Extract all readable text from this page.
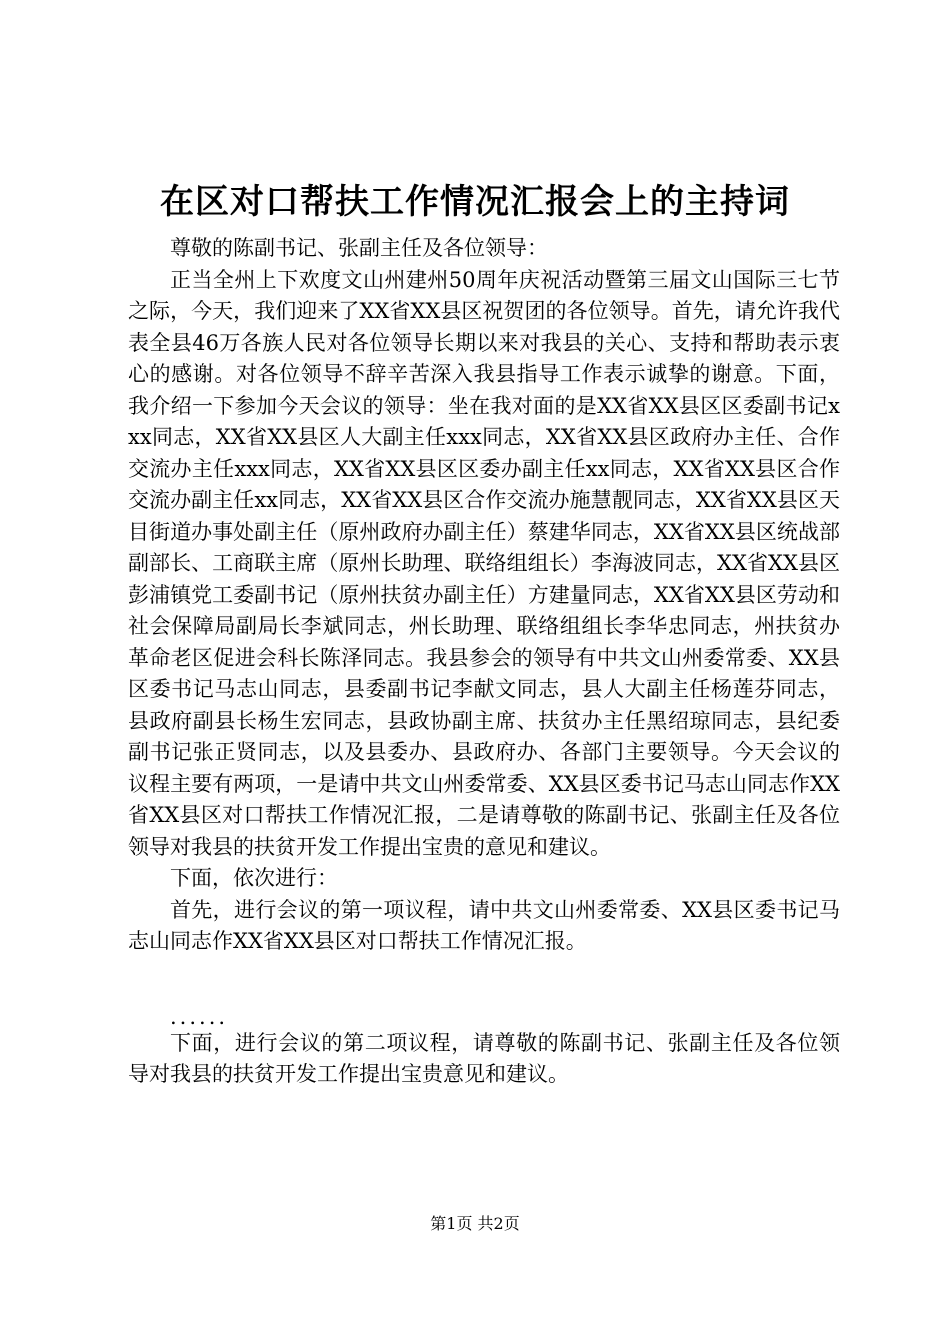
在区对口帮扶工作情况汇报会上的主持词

尊敬的陈副书记、张副主任及各位领导：

正当全州上下欢度文山州建州50周年庆祝活动暨第三届文山国际三七节之际，今天，我们迎来了XX省XX县区祝贺团的各位领导。首先，请允许我代表全县46万各族人民对各位领导长期以来对我县的关心、支持和帮助表示衷心的感谢。对各位领导不辞辛苦深入我县指导工作表示诚挚的谢意。下面，我介绍一下参加今天会议的领导：坐在我对面的是XX省XX县区区委副书记xxx同志，XX省XX县区人大副主任xxx同志，XX省XX县区政府办主任、合作交流办主任xxx同志，XX省XX县区区委办副主任xx同志，XX省XX县区合作交流办副主任xx同志，XX省XX县区合作交流办施慧靓同志，XX省XX县区天目街道办事处副主任（原州政府办副主任）蔡建华同志，XX省XX县区统战部副部长、工商联主席（原州长助理、联络组组长）李海波同志，XX省XX县区彭浦镇党工委副书记（原州扶贫办副主任）方建量同志，XX省XX县区劳动和社会保障局副局长李斌同志，州长助理、联络组组长李华忠同志，州扶贫办革命老区促进会科长陈泽同志。我县参会的领导有中共文山州委常委、XX县区委书记马志山同志，县委副书记李献文同志，县人大副主任杨莲芬同志，县政府副县长杨生宏同志，县政协副主席、扶贫办主任黑绍琼同志，县纪委副书记张正贤同志，以及县委办、县政府办、各部门主要领导。今天会议的议程主要有两项，一是请中共文山州委常委、XX县区委书记马志山同志作XX省XX县区对口帮扶工作情况汇报，二是请尊敬的陈副书记、张副主任及各位领导对我县的扶贫开发工作提出宝贵的意见和建议。

下面，依次进行：

首先，进行会议的第一项议程，请中共文山州委常委、XX县区委书记马志山同志作XX省XX县区对口帮扶工作情况汇报。

......

下面，进行会议的第二项议程，请尊敬的陈副书记、张副主任及各位领导对我县的扶贫开发工作提出宝贵意见和建议。

第1页 共2页
